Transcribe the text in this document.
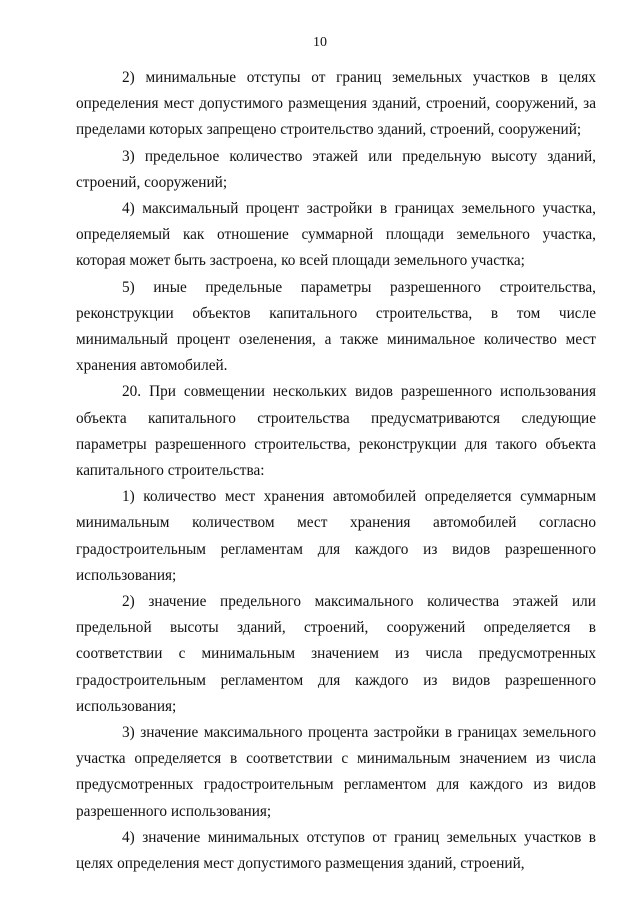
10

2) минимальные отступы от границ земельных участков в целях определения мест допустимого размещения зданий, строений, сооружений, за пределами которых запрещено строительство зданий, строений, сооружений;

3) предельное количество этажей или предельную высоту зданий, строений, сооружений;

4) максимальный процент застройки в границах земельного участка, определяемый как отношение суммарной площади земельного участка, которая может быть застроена, ко всей площади земельного участка;

5) иные предельные параметры разрешенного строительства, реконструкции объектов капитального строительства, в том числе минимальный процент озеленения, а также минимальное количество мест хранения автомобилей.

20. При совмещении нескольких видов разрешенного использования объекта капитального строительства предусматриваются следующие параметры разрешенного строительства, реконструкции для такого объекта капитального строительства:

1) количество мест хранения автомобилей определяется суммарным минимальным количеством мест хранения автомобилей согласно градостроительным регламентам для каждого из видов разрешенного использования;

2) значение предельного максимального количества этажей или предельной высоты зданий, строений, сооружений определяется в соответствии с минимальным значением из числа предусмотренных градостроительным регламентом для каждого из видов разрешенного использования;

3) значение максимального процента застройки в границах земельного участка определяется в соответствии с минимальным значением из числа предусмотренных градостроительным регламентом для каждого из видов разрешенного использования;

4) значение минимальных отступов от границ земельных участков в целях определения мест допустимого размещения зданий, строений,
